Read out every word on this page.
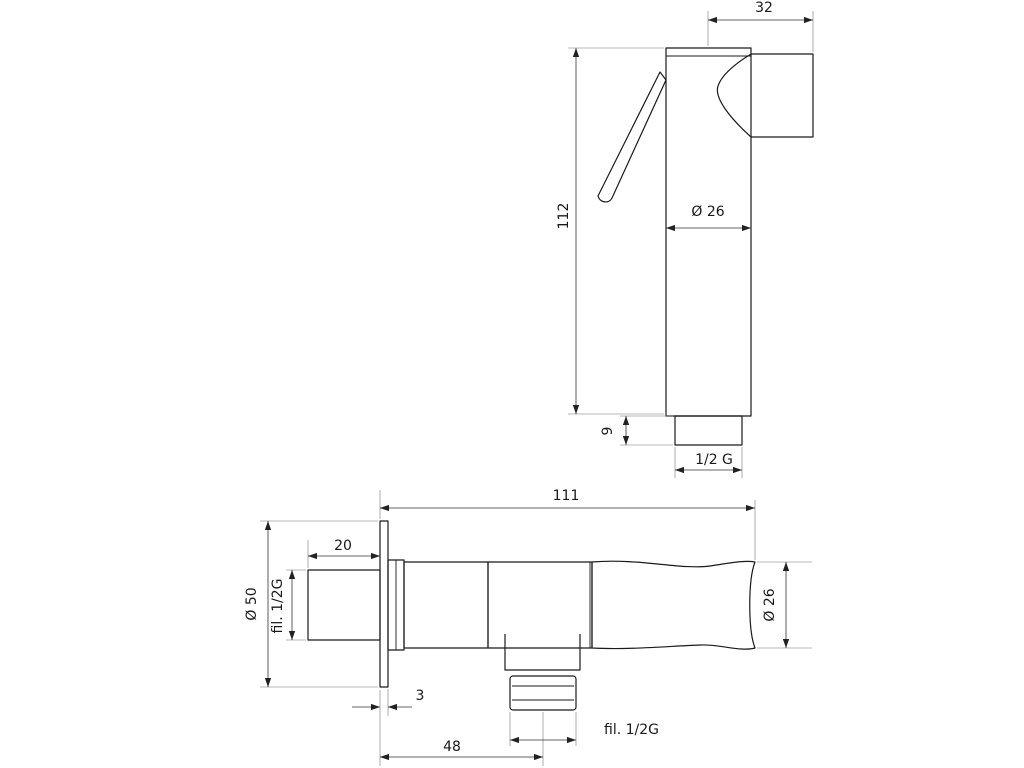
32
112	Ø 26
9
1/2 G
111
20
Ø 50 fil. 1/2G
3
48
fil. 1/2G
Ø 26
